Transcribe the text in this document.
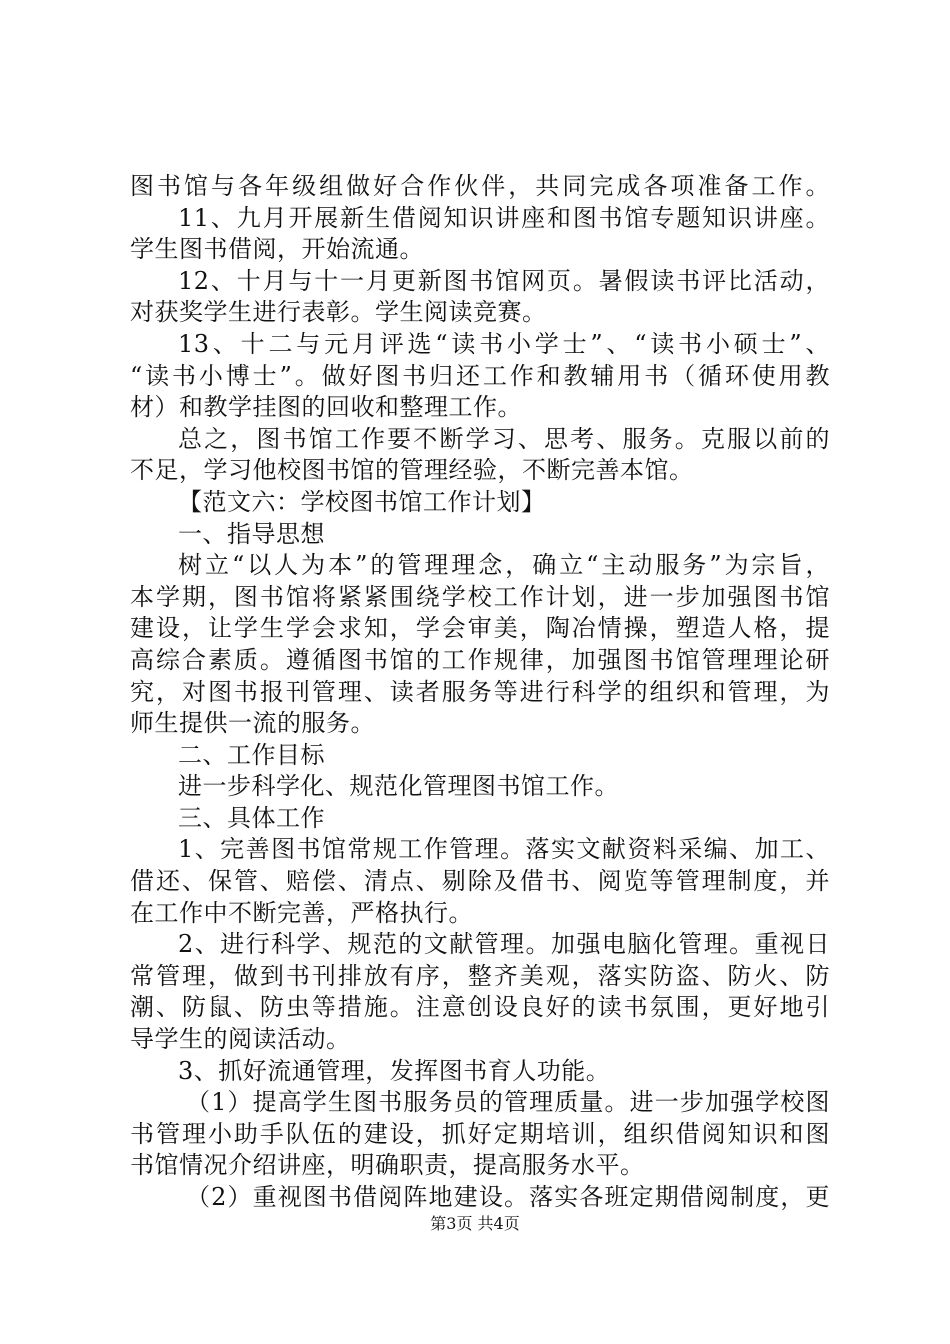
图书馆与各年级组做好合作伙伴，共同完成各项准备工作。
11、九月开展新生借阅知识讲座和图书馆专题知识讲座。
学生图书借阅，开始流通。
12、十月与十一月更新图书馆网页。暑假读书评比活动，
对获奖学生进行表彰。学生阅读竞赛。
13、十二与元月评选“读书小学士”、“读书小硕士”、
“读书小博士”。做好图书归还工作和教辅用书（循环使用教
材）和教学挂图的回收和整理工作。
总之，图书馆工作要不断学习、思考、服务。克服以前的
不足，学习他校图书馆的管理经验，不断完善本馆。
【范文六：学校图书馆工作计划】
一、指导思想
树立“以人为本”的管理理念，确立“主动服务”为宗旨，
本学期，图书馆将紧紧围绕学校工作计划，进一步加强图书馆
建设，让学生学会求知，学会审美，陶冶情操，塑造人格，提
高综合素质。遵循图书馆的工作规律，加强图书馆管理理论研
究，对图书报刊管理、读者服务等进行科学的组织和管理，为
师生提供一流的服务。
二、工作目标
进一步科学化、规范化管理图书馆工作。
三、具体工作
1、完善图书馆常规工作管理。落实文献资料采编、加工、
借还、保管、赔偿、清点、剔除及借书、阅览等管理制度，并
在工作中不断完善，严格执行。
2、进行科学、规范的文献管理。加强电脑化管理。重视日
常管理，做到书刊排放有序，整齐美观，落实防盗、防火、防
潮、防鼠、防虫等措施。注意创设良好的读书氛围，更好地引
导学生的阅读活动。
3、抓好流通管理，发挥图书育人功能。
（1）提高学生图书服务员的管理质量。进一步加强学校图
书管理小助手队伍的建设，抓好定期培训，组织借阅知识和图
书馆情况介绍讲座，明确职责，提高服务水平。
（2）重视图书借阅阵地建设。落实各班定期借阅制度，更
第3页 共4页
